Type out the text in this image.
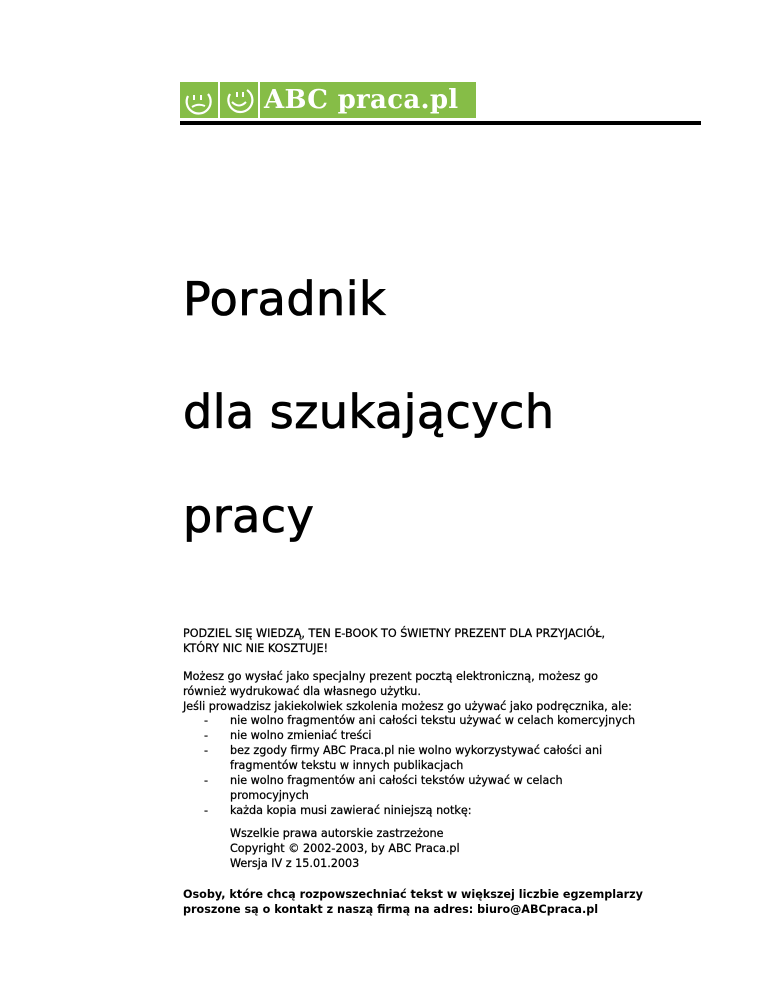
ABC praca.pl
Poradnik
dla szukających
pracy

PODZIEL SIĘ WIEDZĄ, TEN E-BOOK TO ŚWIETNY PREZENT DLA PRZYJACIÓŁ,

KTÓRY NIC NIE KOSZTUJE!

Możesz go wysłać jako specjalny prezent pocztą elektroniczną, możesz go

również wydrukować dla własnego użytku.

Jeśli prowadzisz jakiekolwiek szkolenia możesz go używać jako podręcznika, ale:

- nie wolno fragmentów ani całości tekstu używać w celach komercyjnych

- nie wolno zmieniać treści

- bez zgody firmy ABC Praca.pl nie wolno wykorzystywać całości ani

fragmentów tekstu w innych publikacjach

- nie wolno fragmentów ani całości tekstów używać w celach

promocyjnych

- każda kopia musi zawierać niniejszą notkę:

Wszelkie prawa autorskie zastrzeżone

Copyright © 2002-2003, by ABC Praca.pl

Wersja IV z 15.01.2003

Osoby, które chcą rozpowszechniać tekst w większej liczbie egzemplarzy

proszone są o kontakt z naszą firmą na adres: biuro@ABCpraca.pl
